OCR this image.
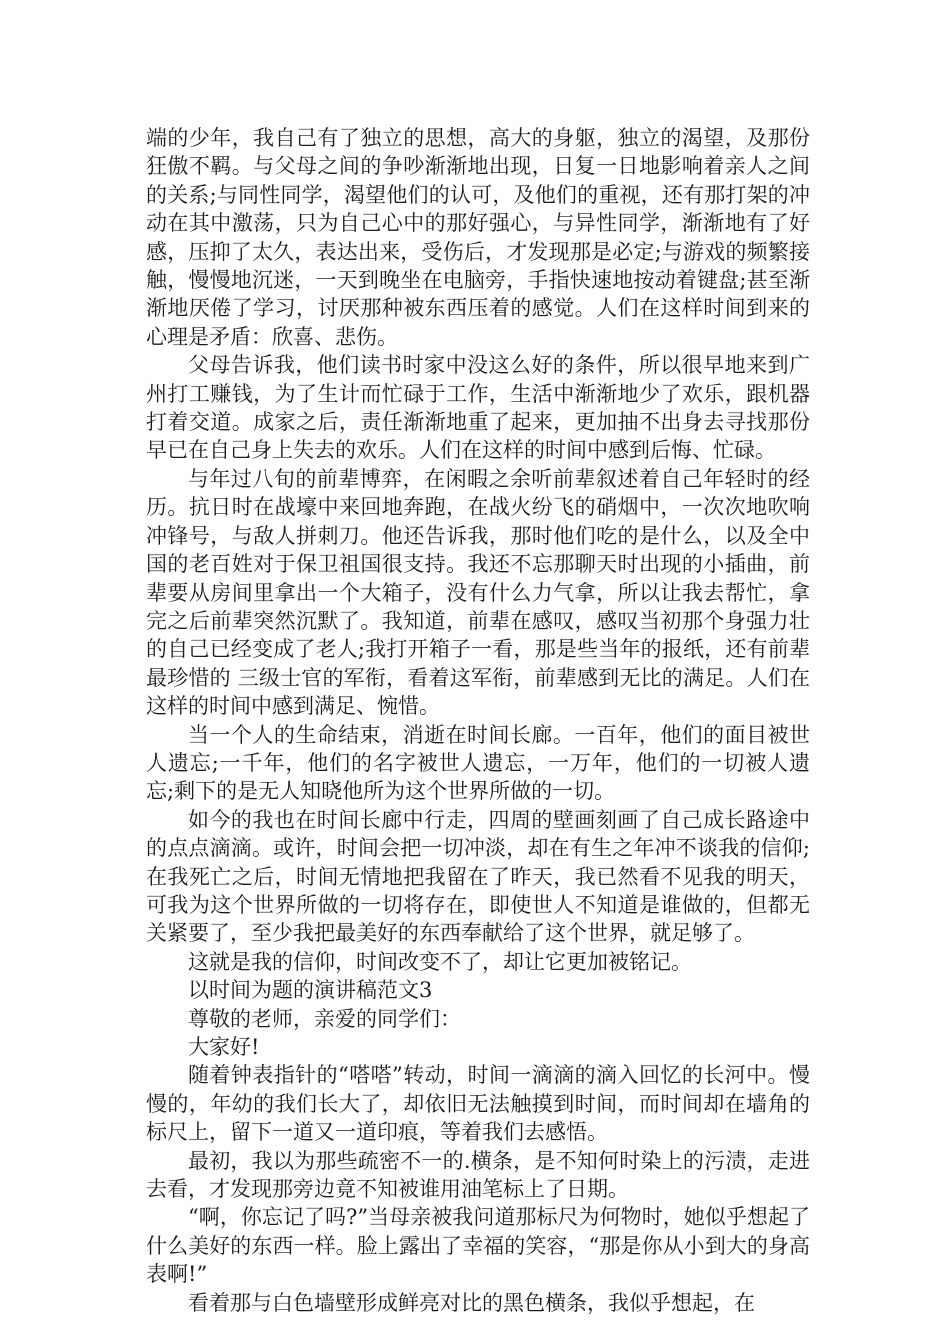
端的少年，我自己有了独立的思想，高大的身躯，独立的渴望，及那份狂傲不羁。与父母之间的争吵渐渐地出现，日复一日地影响着亲人之间的关系;与同性同学，渴望他们的认可，及他们的重视，还有那打架的冲动在其中激荡，只为自己心中的那好强心，与异性同学，渐渐地有了好感，压抑了太久，表达出来，受伤后，才发现那是必定;与游戏的频繁接触，慢慢地沉迷，一天到晚坐在电脑旁，手指快速地按动着键盘;甚至渐渐地厌倦了学习，讨厌那种被东西压着的感觉。人们在这样时间到来的心理是矛盾：欣喜、悲伤。

父母告诉我，他们读书时家中没这么好的条件，所以很早地来到广州打工赚钱，为了生计而忙碌于工作，生活中渐渐地少了欢乐，跟机器打着交道。成家之后，责任渐渐地重了起来，更加抽不出身去寻找那份早已在自己身上失去的欢乐。人们在这样的时间中感到后悔、忙碌。

与年过八旬的前辈博弈，在闲暇之余听前辈叙述着自己年轻时的经历。抗日时在战壕中来回地奔跑，在战火纷飞的硝烟中，一次次地吹响冲锋号，与敌人拼刺刀。他还告诉我，那时他们吃的是什么，以及全中国的老百姓对于保卫祖国很支持。我还不忘那聊天时出现的小插曲，前辈要从房间里拿出一个大箱子，没有什么力气拿，所以让我去帮忙，拿完之后前辈突然沉默了。我知道，前辈在感叹，感叹当初那个身强力壮的自己已经变成了老人;我打开箱子一看，那是些当年的报纸，还有前辈最珍惜的 三级士官的军衔，看着这军衔，前辈感到无比的满足。人们在这样的时间中感到满足、惋惜。

当一个人的生命结束，消逝在时间长廊。一百年，他们的面目被世人遗忘;一千年，他们的名字被世人遗忘，一万年，他们的一切被人遗忘;剩下的是无人知晓他所为这个世界所做的一切。

如今的我也在时间长廊中行走，四周的壁画刻画了自己成长路途中的点点滴滴。或许，时间会把一切冲淡，却在有生之年冲不谈我的信仰;在我死亡之后，时间无情地把我留在了昨天，我已然看不见我的明天，可我为这个世界所做的一切将存在，即使世人不知道是谁做的，但都无关紧要了，至少我把最美好的东西奉献给了这个世界，就足够了。

这就是我的信仰，时间改变不了，却让它更加被铭记。

以时间为题的演讲稿范文3

尊敬的老师，亲爱的同学们：

大家好!

随着钟表指针的“嗒嗒”转动，时间一滴滴的滴入回忆的长河中。慢慢的，年幼的我们长大了，却依旧无法触摸到时间，而时间却在墙角的标尺上，留下一道又一道印痕，等着我们去感悟。

最初，我以为那些疏密不一的.横条，是不知何时染上的污渍，走进去看，才发现那旁边竟不知被谁用油笔标上了日期。

“啊，你忘记了吗?”当母亲被我问道那标尺为何物时，她似乎想起了什么美好的东西一样。脸上露出了幸福的笑容，“那是你从小到大的身高表啊!”

看着那与白色墙壁形成鲜亮对比的黑色横条，我似乎想起，在
